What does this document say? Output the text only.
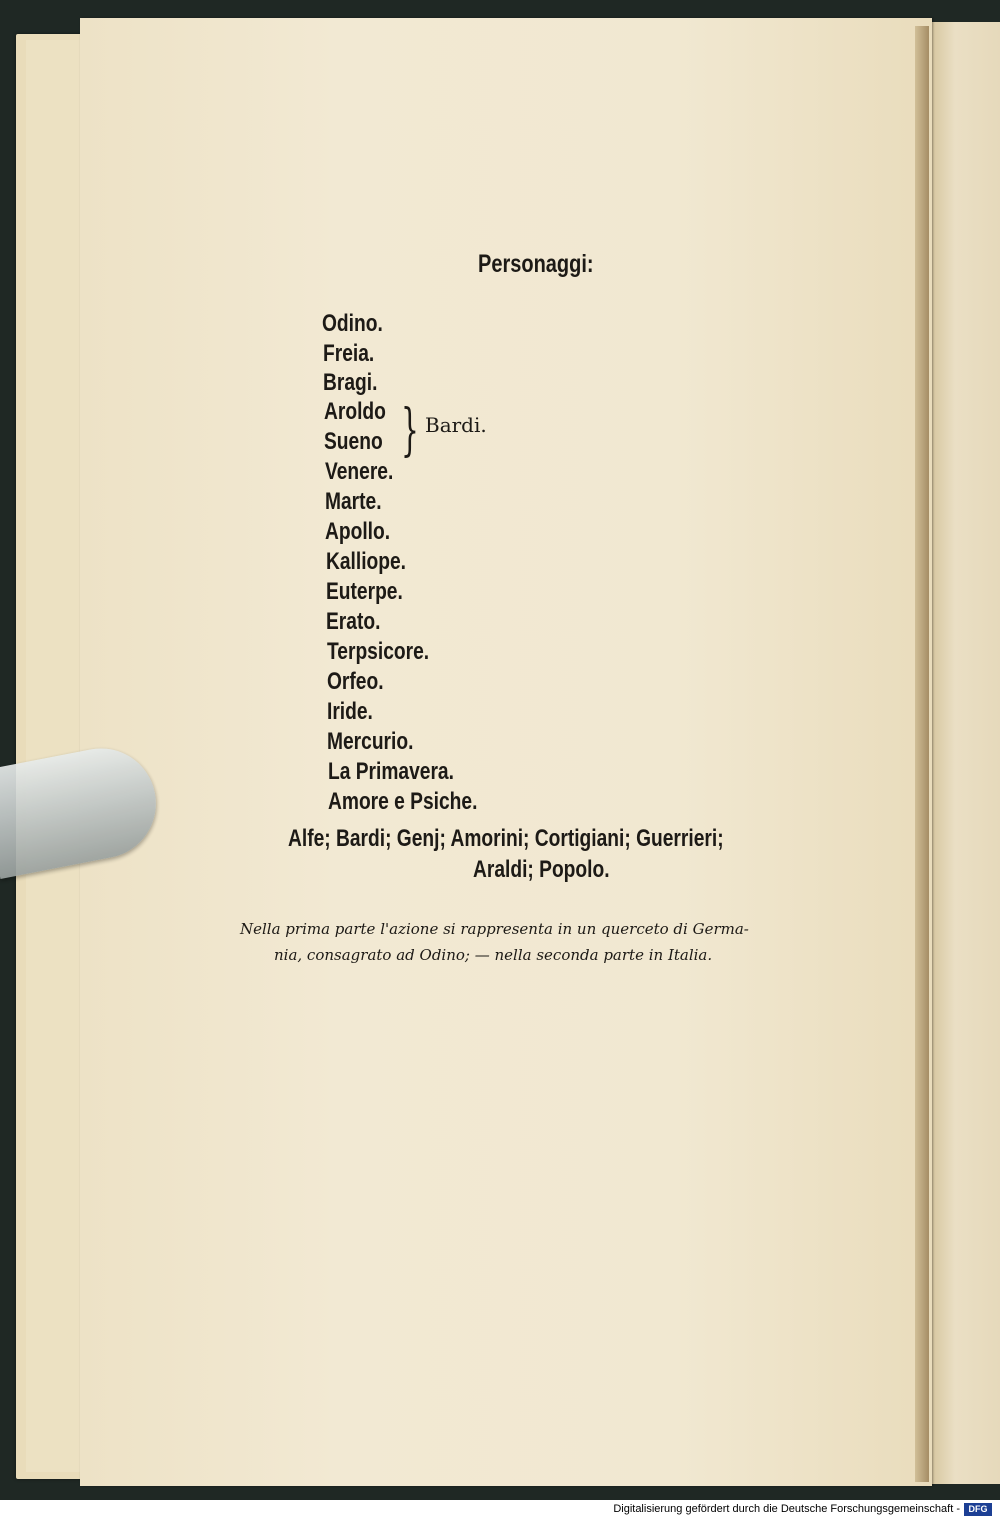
Personaggi:
Odino.
Freia.
Bragi.
Aroldo
Sueno } Bardi.
Venere.
Marte.
Apollo.
Kalliope.
Euterpe.
Erato.
Terpsicore.
Orfeo.
Iride.
Mercurio.
La Primavera.
Amore e Psiche.
Alfe; Bardi; Genj; Amorini; Cortigiani; Guerrieri;
Araldi; Popolo.
Nella prima parte l'azione si rappresenta in un querceto di Germa-
nia, consagrato ad Odino; — nella seconda parte in Italia.
Digitalisierung gefördert durch die Deutsche Forschungsgemeinschaft - DFG
